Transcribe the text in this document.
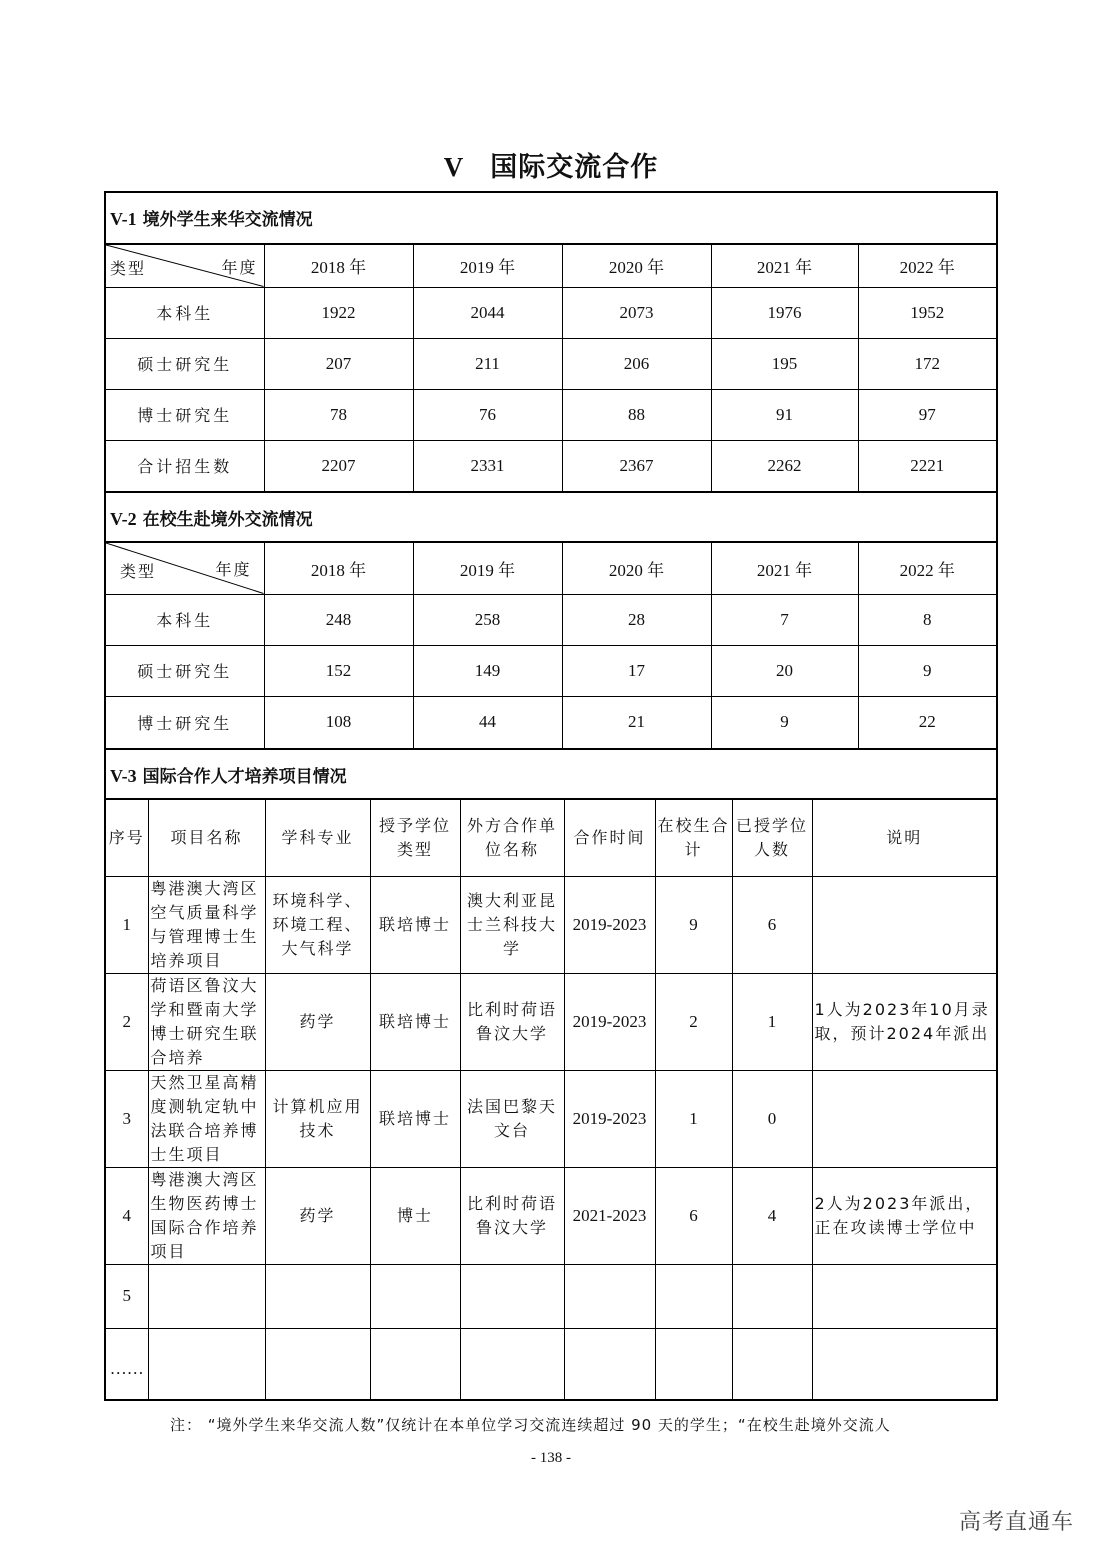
V 国际交流合作
V-1 境外学生来华交流情况
类型 年度	2018 年	2019 年	2020 年	2021 年	2022 年
本科生	1922	2044	2073	1976	1952
硕士研究生	207	211	206	195	172
博士研究生	78	76	88	91	97
合计招生数	2207	2331	2367	2262	2221
V-2 在校生赴境外交流情况
类型 年度	2018 年	2019 年	2020 年	2021 年	2022 年
本科生	248	258	28	7	8
硕士研究生	152	149	17	20	9
博士研究生	108	44	21	9	22
V-3 国际合作人才培养项目情况
序号	项目名称	学科专业	授予学位类型	外方合作单位名称	合作时间	在校生合计	已授学位人数	说明
1	粤港澳大湾区空气质量科学与管理博士生培养项目	环境科学、环境工程、大气科学	联培博士	澳大利亚昆士兰科技大学	2019-2023	9	6	
2	荷语区鲁汶大学和暨南大学博士研究生联合培养	药学	联培博士	比利时荷语鲁汶大学	2019-2023	2	1	1人为2023年10月录取，预计2024年派出
3	天然卫星高精度测轨定轨中法联合培养博士生项目	计算机应用技术	联培博士	法国巴黎天文台	2019-2023	1	0	
4	粤港澳大湾区生物医药博士国际合作培养项目	药学	博士	比利时荷语鲁汶大学	2021-2023	6	4	2人为2023年派出，正在攻读博士学位中
5								
……								
注： “境外学生来华交流人数”仅统计在本单位学习交流连续超过 90 天的学生；“在校生赴境外交流人
- 138 -
高考直通车
